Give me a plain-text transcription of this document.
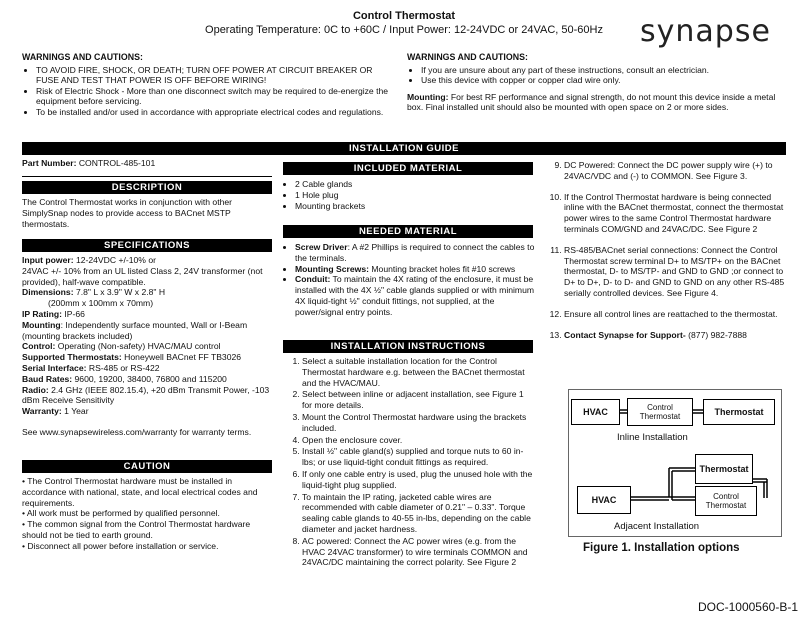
Control Thermostat
Operating Temperature: 0C to +60C / Input Power: 12-24VDC or 24VAC, 50-60Hz	synapse
WARNINGS AND CAUTIONS:
• TO AVOID FIRE, SHOCK, OR DEATH; TURN OFF POWER AT CIRCUIT BREAKER OR FUSE AND TEST THAT POWER IS OFF BEFORE WIRING!
• Risk of Electric Shock - More than one disconnect switch may be required to de-energize the equipment before servicing.
• To be installed and/or used in accordance with appropriate electrical codes and regulations.
WARNINGS AND CAUTIONS:
• If you are unsure about any part of these instructions, consult an electrician.
• Use this device with copper or copper clad wire only.

Mounting: For best RF performance and signal strength, do not mount this device inside a metal box. Final installed unit should also be mounted with open space on 2 or more sides.

INSTALLATION GUIDE
Part Number: CONTROL-485-101
DESCRIPTION
The Control Thermostat works in conjunction with other SimplySnap nodes to provide access to BACnet MSTP thermostats.
SPECIFICATIONS

Input power: 12-24VDC +/-10% or

24VAC +/- 10% from an UL listed Class 2, 24V transformer (not provided), half-wave compatible.

Dimensions: 7.8" L x 3.9" W x 2.8" H

(200mm x 100mm x 70mm)

IP Rating: IP-66

Mounting: Independently surface mounted, Wall or I-Beam (mounting brackets included)

Control: Operating (Non-safety) HVAC/MAU control

Supported Thermostats: Honeywell BACnet FF TB3026

Serial Interface: RS-485 or RS-422

Baud Rates: 9600, 19200, 38400, 76800 and 115200

Radio: 2.4 GHz (IEEE 802.15.4), +20 dBm Transmit Power, -103 dBm Receive Sensitivity

Warranty: 1 Year

See www.synapsewireless.com/warranty for warranty terms.

CAUTION

• The Control Thermostat hardware must be installed in accordance with national, state, and local electrical codes and requirements.

• All work must be performed by qualified personnel.

• The common signal from the Control Thermostat hardware should not be tied to earth ground.

• Disconnect all power before installation or service.

INCLUDED MATERIAL
• 2 Cable glands
• 1 Hole plug
• Mounting brackets
NEEDED MATERIAL
• Screw Driver: A #2 Phillips is required to connect the cables to the terminals.
• Mounting Screws: Mounting bracket holes fit #10 screws
• Conduit: To maintain the 4X rating of the enclosure, it must be installed with the 4X ½" cable glands supplied or with minimum 4X liquid-tight ½" conduit fittings, not supplied, at the power/signal entry points.
INSTALLATION INSTRUCTIONS
1. Select a suitable installation location for the Control Thermostat hardware e.g. between the BACnet thermostat and the HVAC/MAU.
2. Select between inline or adjacent installation, see Figure 1 for more details.
3. Mount the Control Thermostat hardware using the brackets included.
4. Open the enclosure cover.
5. Install ½" cable gland(s) supplied and torque nuts to 60 in-lbs; or use liquid-tight conduit fittings as required.
6. If only one cable entry is used, plug the unused hole with the liquid-tight plug supplied.
7. To maintain the IP rating, jacketed cable wires are recommended with cable diameter of 0.21" – 0.33". Torque sealing cable glands to 40-55 in-lbs, depending on the cable diameter and jacket hardness.
8. AC powered: Connect the AC power wires (e.g. from the HVAC 24VAC transformer) to wire terminals COMMON and 24VAC/DC maintaining the correct polarity. See Figure 2
9. DC Powered: Connect the DC power supply wire (+) to 24VAC/VDC and (-) to COMMON. See Figure 3.
10. If the Control Thermostat hardware is being connected inline with the BACnet thermostat, connect the thermostat power wires to the same Control Thermostat hardware terminals COM/GND and 24VAC/DC. See Figure 2
11. RS-485/BACnet serial connections: Connect the Control Thermostat screw terminal D+ to MS/TP+ on the BACnet thermostat, D- to MS/TP- and GND to GND ;or connect to D+ to D+, D- to D- and GND to GND on any other RS-485 serially controlled devices. See Figure 4.
12. Ensure all control lines are reattached to the thermostat.
13. Contact Synapse for Support- (877) 982-7888
HVAC	Control Thermostat	Thermostat
Inline Installation
Thermostat
HVAC	Control Thermostat
Adjacent Installation
Figure 1. Installation options
DOC-1000560-B-1
